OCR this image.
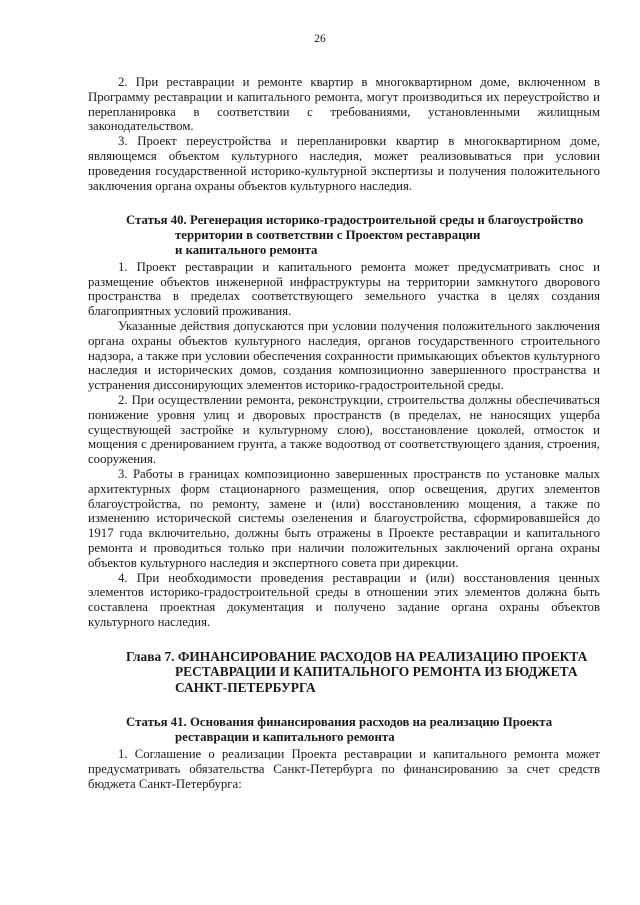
26

2. При реставрации и ремонте квартир в многоквартирном доме, включенном в Программу реставрации и капитального ремонта, могут производиться их переустройство и перепланировка в соответствии с требованиями, установленными жилищным законодательством.

3. Проект переустройства и перепланировки квартир в многоквартирном доме, являющемся объектом культурного наследия, может реализовываться при условии проведения государственной историко-культурной экспертизы и получения положительного заключения органа охраны объектов культурного наследия.

Статья 40. Регенерация историко-градостроительной среды и благоустройство
территории в соответствии с Проектом реставрации
и капитального ремонта

1. Проект реставрации и капитального ремонта может предусматривать снос и размещение объектов инженерной инфраструктуры на территории замкнутого дворового пространства в пределах соответствующего земельного участка в целях создания благоприятных условий проживания.

Указанные действия допускаются при условии получения положительного заключения органа охраны объектов культурного наследия, органов государственного строительного надзора, а также при условии обеспечения сохранности примыкающих объектов культурного наследия и исторических домов, создания композиционно завершенного пространства и устранения диссонирующих элементов историко-градостроительной среды.

2. При осуществлении ремонта, реконструкции, строительства должны обеспечиваться понижение уровня улиц и дворовых пространств (в пределах, не наносящих ущерба существующей застройке и культурному слою), восстановление цоколей, отмосток и мощения с дренированием грунта, а также водоотвод от соответствующего здания, строения, сооружения.

3. Работы в границах композиционно завершенных пространств по установке малых архитектурных форм стационарного размещения, опор освещения, других элементов благоустройства, по ремонту, замене и (или) восстановлению мощения, а также по изменению исторической системы озеленения и благоустройства, сформировавшейся до 1917 года включительно, должны быть отражены в Проекте реставрации и капитального ремонта и проводиться только при наличии положительных заключений органа охраны объектов культурного наследия и экспертного совета при дирекции.

4. При необходимости проведения реставрации и (или) восстановления ценных элементов историко-градостроительной среды в отношении этих элементов должна быть составлена проектная документация и получено задание органа охраны объектов культурного наследия.

Глава 7. ФИНАНСИРОВАНИЕ РАСХОДОВ НА РЕАЛИЗАЦИЮ ПРОЕКТА
РЕСТАВРАЦИИ И КАПИТАЛЬНОГО РЕМОНТА ИЗ БЮДЖЕТА
САНКТ-ПЕТЕРБУРГА
Статья 41. Основания финансирования расходов на реализацию Проекта
реставрации и капитального ремонта

1. Соглашение о реализации Проекта реставрации и капитального ремонта может предусматривать обязательства Санкт-Петербурга по финансированию за счет средств бюджета Санкт-Петербурга:
